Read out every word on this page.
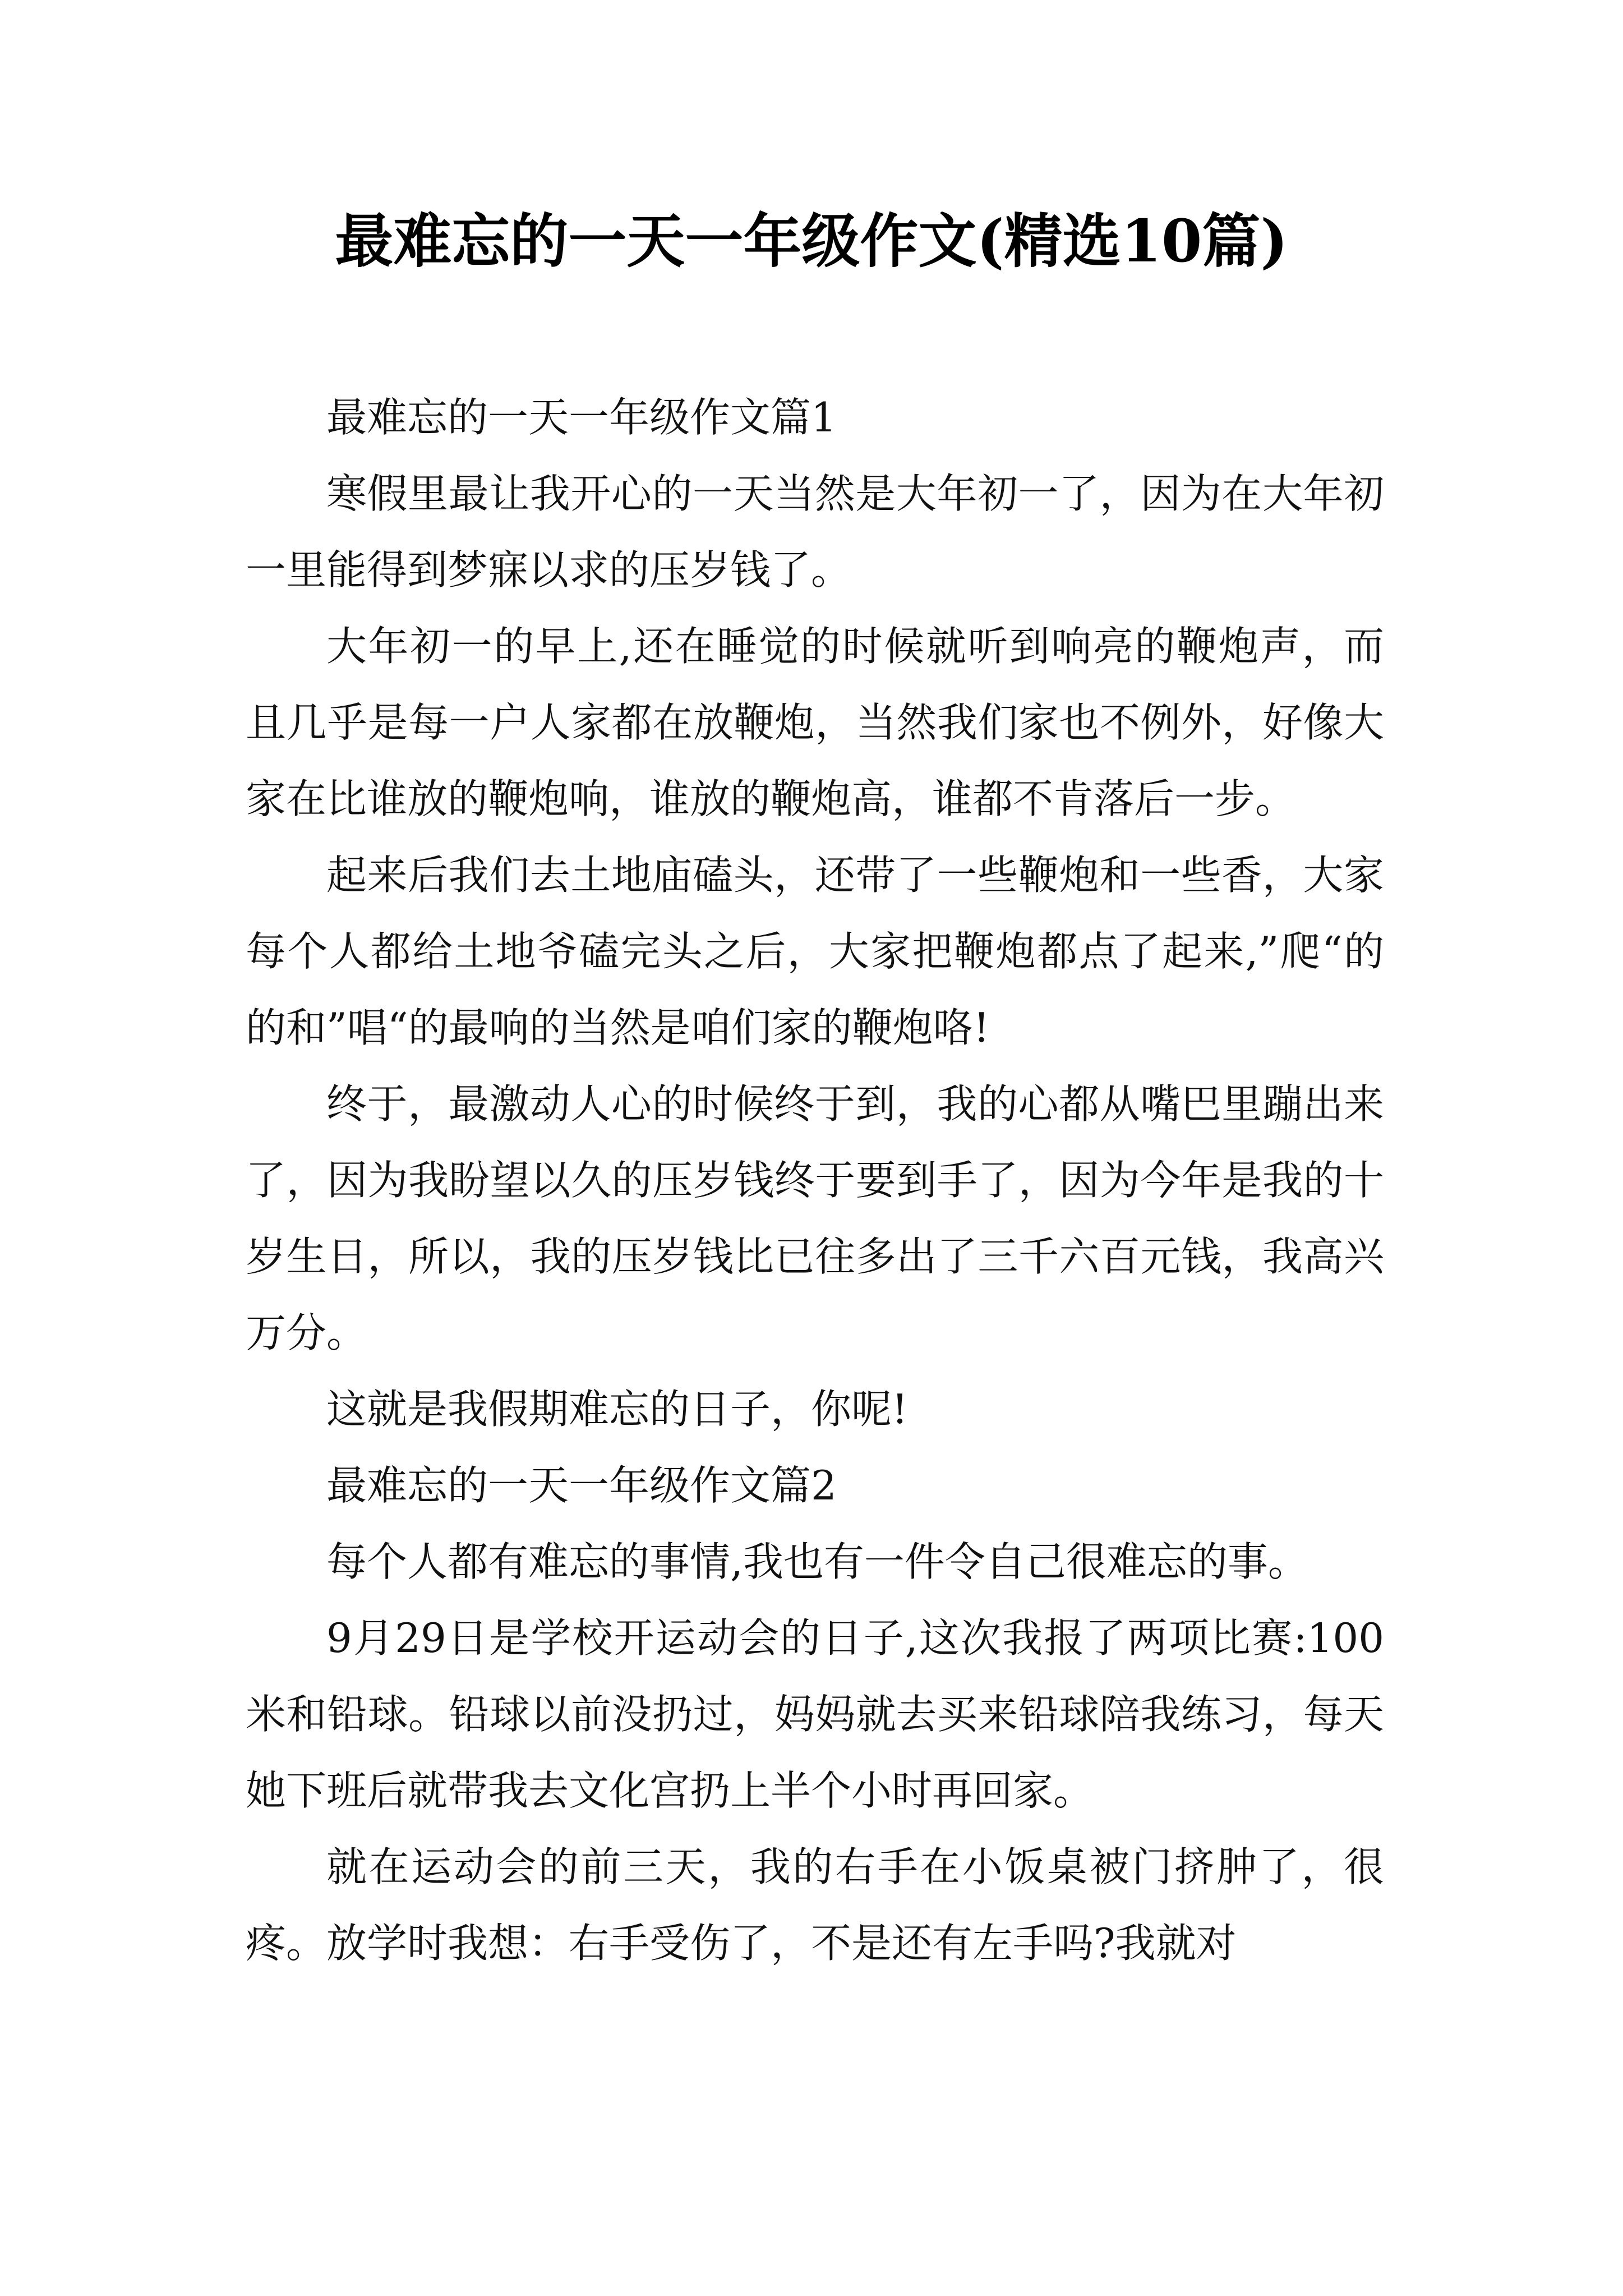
最难忘的一天一年级作文(精选10篇)

最难忘的一天一年级作文篇1

寒假里最让我开心的一天当然是大年初一了，因为在大年初一里能得到梦寐以求的压岁钱了。

大年初一的早上,还在睡觉的时候就听到响亮的鞭炮声，而且几乎是每一户人家都在放鞭炮，当然我们家也不例外，好像大家在比谁放的鞭炮响，谁放的鞭炮高，谁都不肯落后一步。

起来后我们去土地庙磕头，还带了一些鞭炮和一些香，大家每个人都给土地爷磕完头之后，大家把鞭炮都点了起来,”爬“的的和”唱“的最响的当然是咱们家的鞭炮咯!

终于，最激动人心的时候终于到，我的心都从嘴巴里蹦出来了，因为我盼望以久的压岁钱终于要到手了，因为今年是我的十岁生日，所以，我的压岁钱比已往多出了三千六百元钱，我高兴万分。

这就是我假期难忘的日子，你呢!

最难忘的一天一年级作文篇2

每个人都有难忘的事情,我也有一件令自己很难忘的事。

9月29日是学校开运动会的日子,这次我报了两项比赛:100米和铅球。铅球以前没扔过，妈妈就去买来铅球陪我练习，每天她下班后就带我去文化宫扔上半个小时再回家。

就在运动会的前三天，我的右手在小饭桌被门挤肿了，很疼。放学时我想：右手受伤了，不是还有左手吗?我就对
